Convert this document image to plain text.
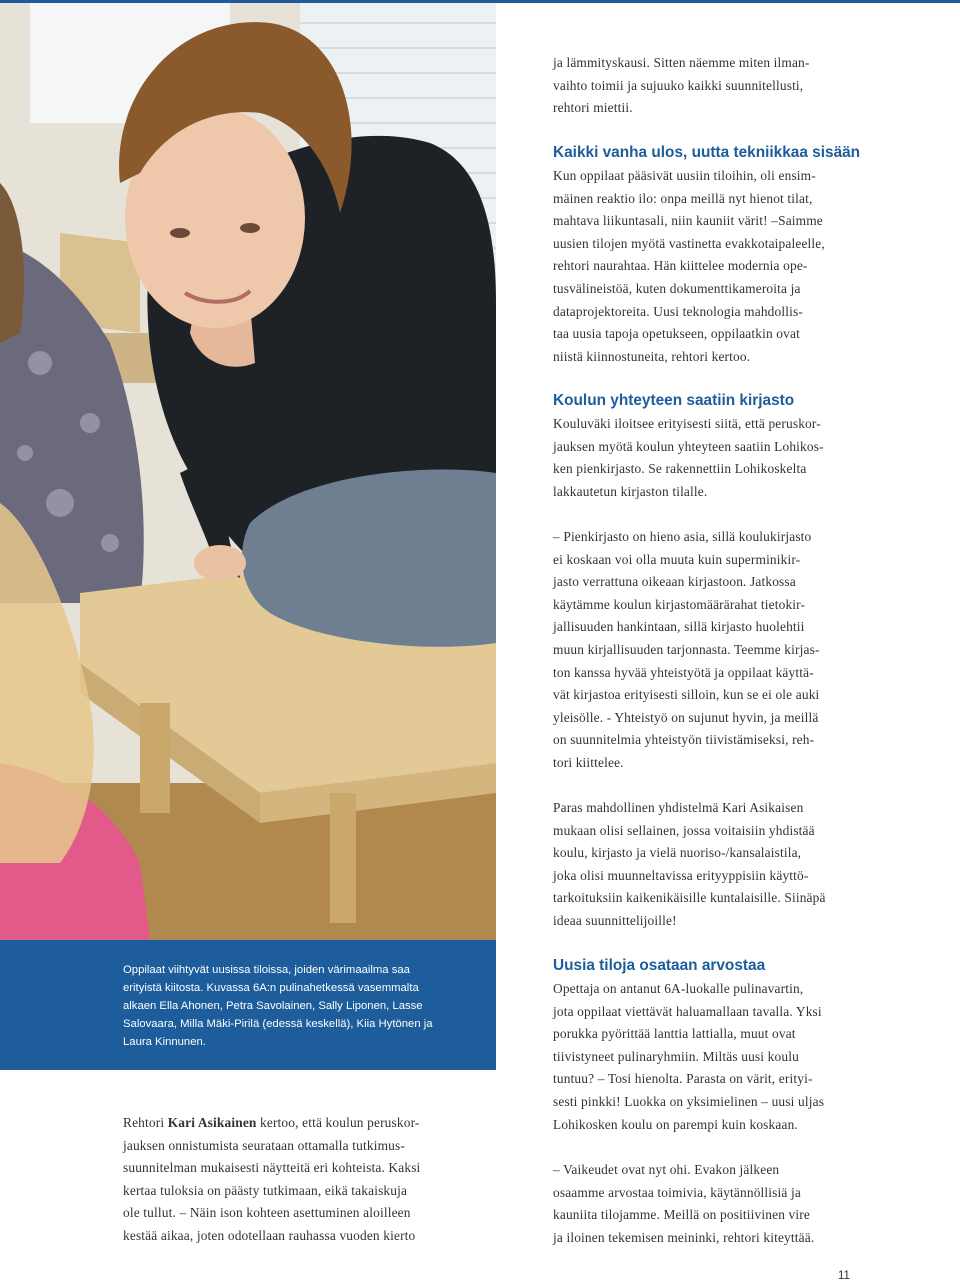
Oppilaat viihtyvät uusissa tiloissa, joiden värimaailma saa
erityistä kiitosta. Kuvassa 6A:n pulinahetkessä vasemmalta
alkaen Ella Ahonen, Petra Savolainen, Sally Liponen, Lasse
Salovaara, Milla Mäki-Pirilä (edessä keskellä), Kiia Hytönen ja
Laura Kinnunen.
ja lämmityskausi. Sitten näemme miten ilman-
vaihto toimii ja sujuuko kaikki suunnitellusti,
rehtori miettii.
Kaikki vanha ulos, uutta tekniikkaa sisään
Kun oppilaat pääsivät uusiin tiloihin, oli ensim-
mäinen reaktio ilo: onpa meillä nyt hienot tilat,
mahtava liikuntasali, niin kauniit värit! –Saimme
uusien tilojen myötä vastinetta evakkotaipaleelle,
rehtori naurahtaa. Hän kiittelee modernia ope-
tusvälineistöä, kuten dokumenttikameroita ja
dataprojektoreita. Uusi teknologia mahdollis-
taa uusia tapoja opetukseen, oppilaatkin ovat
niistä kiinnostuneita, rehtori kertoo.
Koulun yhteyteen saatiin kirjasto
Kouluväki iloitsee erityisesti siitä, että peruskor-
jauksen myötä koulun yhteyteen saatiin Lohikos-
ken pienkirjasto. Se rakennettiin Lohikoskelta
lakkautetun kirjaston tilalle.
– Pienkirjasto on hieno asia, sillä koulukirjasto
ei koskaan voi olla muuta kuin superminikir-
jasto verrattuna oikeaan kirjastoon. Jatkossa
käytämme koulun kirjastomäärärahat tietokir-
jallisuuden hankintaan, sillä kirjasto huolehtii
muun kirjallisuuden tarjonnasta. Teemme kirjas-
ton kanssa hyvää yhteistyötä ja oppilaat käyttä-
vät kirjastoa erityisesti silloin, kun se ei ole auki
yleisölle. - Yhteistyö on sujunut hyvin, ja meillä
on suunnitelmia yhteistyön tiivistämiseksi, reh-
tori kiittelee.
Paras mahdollinen yhdistelmä Kari Asikaisen
mukaan olisi sellainen, jossa voitaisiin yhdistää
koulu, kirjasto ja vielä nuoriso-/kansalaistila,
joka olisi muunneltavissa erityyppisiin käyttö-
tarkoituksiin kaikenikäisille kuntalaisille. Siinäpä
ideaa suunnittelijoille!
Uusia tiloja osataan arvostaa
Opettaja on antanut 6A-luokalle pulinavartin,
jota oppilaat viettävät haluamallaan tavalla. Yksi
porukka pyörittää lanttia lattialla, muut ovat
tiivistyneet pulinaryhmiin. Miltäs uusi koulu
tuntuu? – Tosi hienolta. Parasta on värit, erityi-
sesti pinkki! Luokka on yksimielinen – uusi uljas
Lohikosken koulu on parempi kuin koskaan.
– Vaikeudet ovat nyt ohi. Evakon jälkeen
osaamme arvostaa toimivia, käytännöllisiä ja
kauniita tilojamme. Meillä on positiivinen vire
ja iloinen tekemisen meininki, rehtori kiteyttää.
Rehtori Kari Asikainen kertoo, että koulun peruskor-
jauksen onnistumista seurataan ottamalla tutkimus-
suunnitelman mukaisesti näytteitä eri kohteista. Kaksi
kertaa tuloksia on päästy tutkimaan, eikä takaiskuja
ole tullut. – Näin ison kohteen asettuminen aloilleen
kestää aikaa, joten odotellaan rauhassa vuoden kierto
11
